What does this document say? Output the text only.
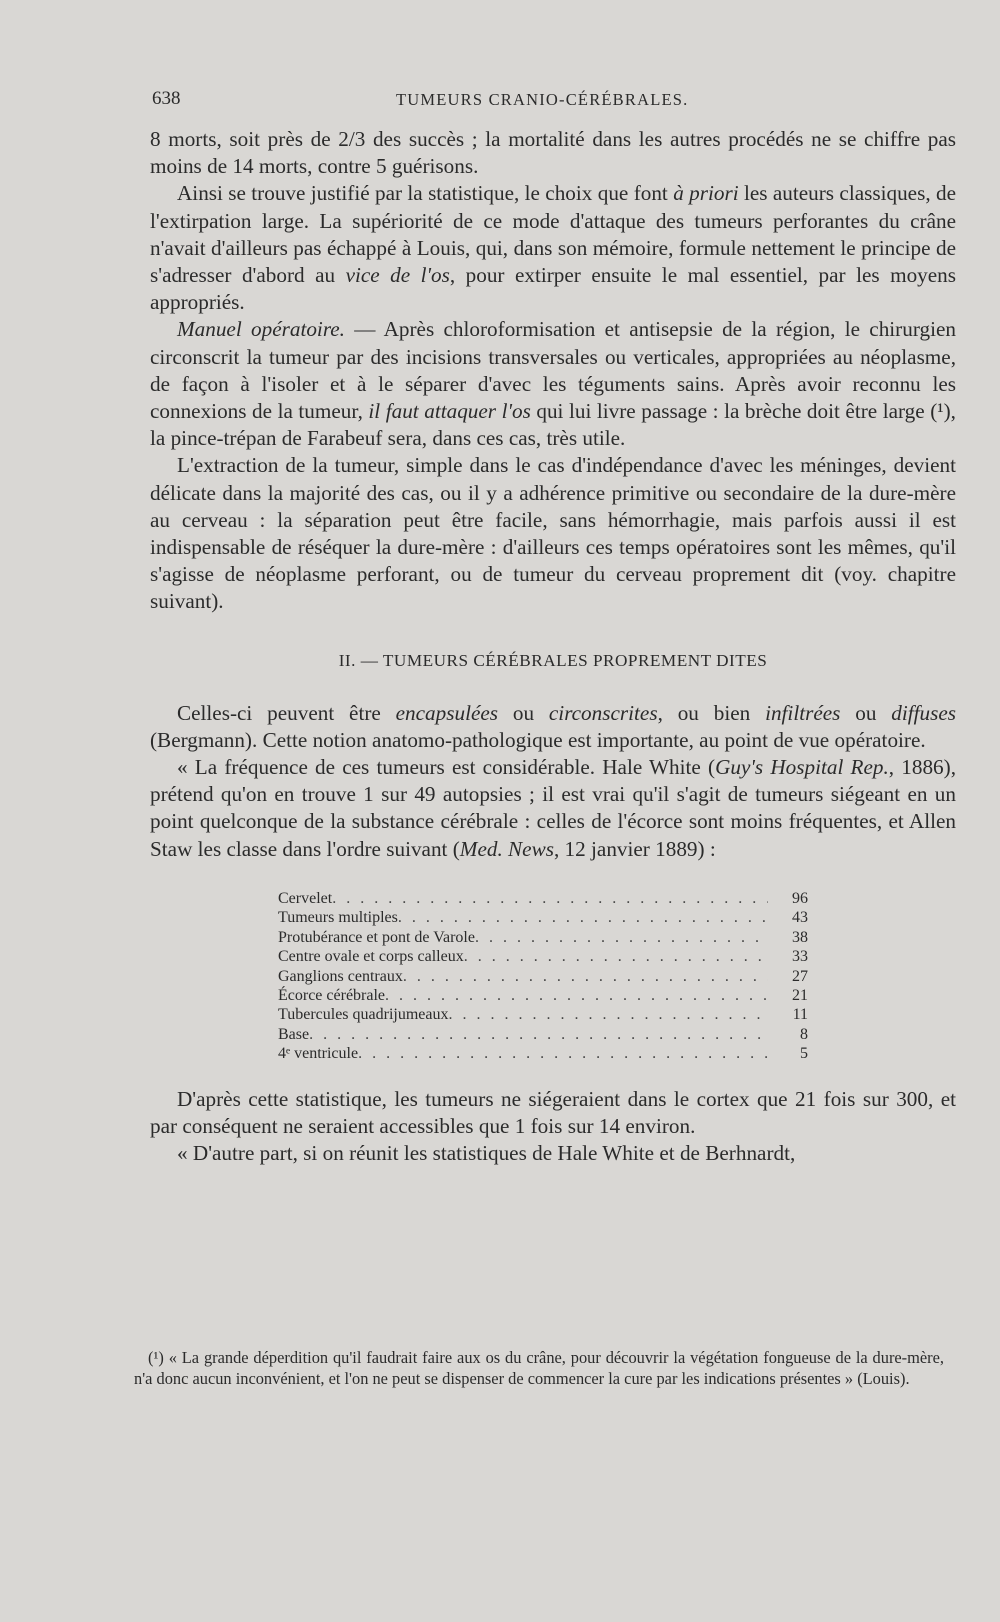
638	TUMEURS CRANIO-CÉRÉBRALES.

8 morts, soit près de 2/3 des succès ; la mortalité dans les autres procédés ne se chiffre pas moins de 14 morts, contre 5 guérisons.

Ainsi se trouve justifié par la statistique, le choix que font à priori les auteurs classiques, de l'extirpation large. La supériorité de ce mode d'attaque des tumeurs perforantes du crâne n'avait d'ailleurs pas échappé à Louis, qui, dans son mémoire, formule nettement le principe de s'adresser d'abord au vice de l'os, pour extirper ensuite le mal essentiel, par les moyens appropriés.

Manuel opératoire. — Après chloroformisation et antisepsie de la région, le chirurgien circonscrit la tumeur par des incisions transversales ou verticales, appropriées au néoplasme, de façon à l'isoler et à le séparer d'avec les téguments sains. Après avoir reconnu les connexions de la tumeur, il faut attaquer l'os qui lui livre passage : la brèche doit être large (¹), la pince-trépan de Farabeuf sera, dans ces cas, très utile.

L'extraction de la tumeur, simple dans le cas d'indépendance d'avec les méninges, devient délicate dans la majorité des cas, ou il y a adhérence primitive ou secondaire de la dure-mère au cerveau : la séparation peut être facile, sans hémorrhagie, mais parfois aussi il est indispensable de réséquer la dure-mère : d'ailleurs ces temps opératoires sont les mêmes, qu'il s'agisse de néoplasme perforant, ou de tumeur du cerveau proprement dit (voy. chapitre suivant).

II. — TUMEURS CÉRÉBRALES PROPREMENT DITES

Celles-ci peuvent être encapsulées ou circonscrites, ou bien infiltrées ou diffuses (Bergmann). Cette notion anatomo-pathologique est importante, au point de vue opératoire.

« La fréquence de ces tumeurs est considérable. Hale White (Guy's Hospital Rep., 1886), prétend qu'on en trouve 1 sur 49 autopsies ; il est vrai qu'il s'agit de tumeurs siégeant en un point quelconque de la substance cérébrale : celles de l'écorce sont moins fréquentes, et Allen Staw les classe dans l'ordre suivant (Med. News, 12 janvier 1889) :

Cervelet . . .	96
Tumeurs multiples . . .	43
Protubérance et pont de Varole . . .	38
Centre ovale et corps calleux . . .	33
Ganglions centraux . . .	27
Écorce cérébrale . . .	21
Tubercules quadrijumeaux . . .	11
Base . . .	8
4ᵉ ventricule . . .	5

D'après cette statistique, les tumeurs ne siégeraient dans le cortex que 21 fois sur 300, et par conséquent ne seraient accessibles que 1 fois sur 14 environ.

« D'autre part, si on réunit les statistiques de Hale White et de Berhnardt,

(¹) « La grande déperdition qu'il faudrait faire aux os du crâne, pour découvrir la végétation fongueuse de la dure-mère, n'a donc aucun inconvénient, et l'on ne peut se dispenser de commencer la cure par les indications présentes » (Louis).
